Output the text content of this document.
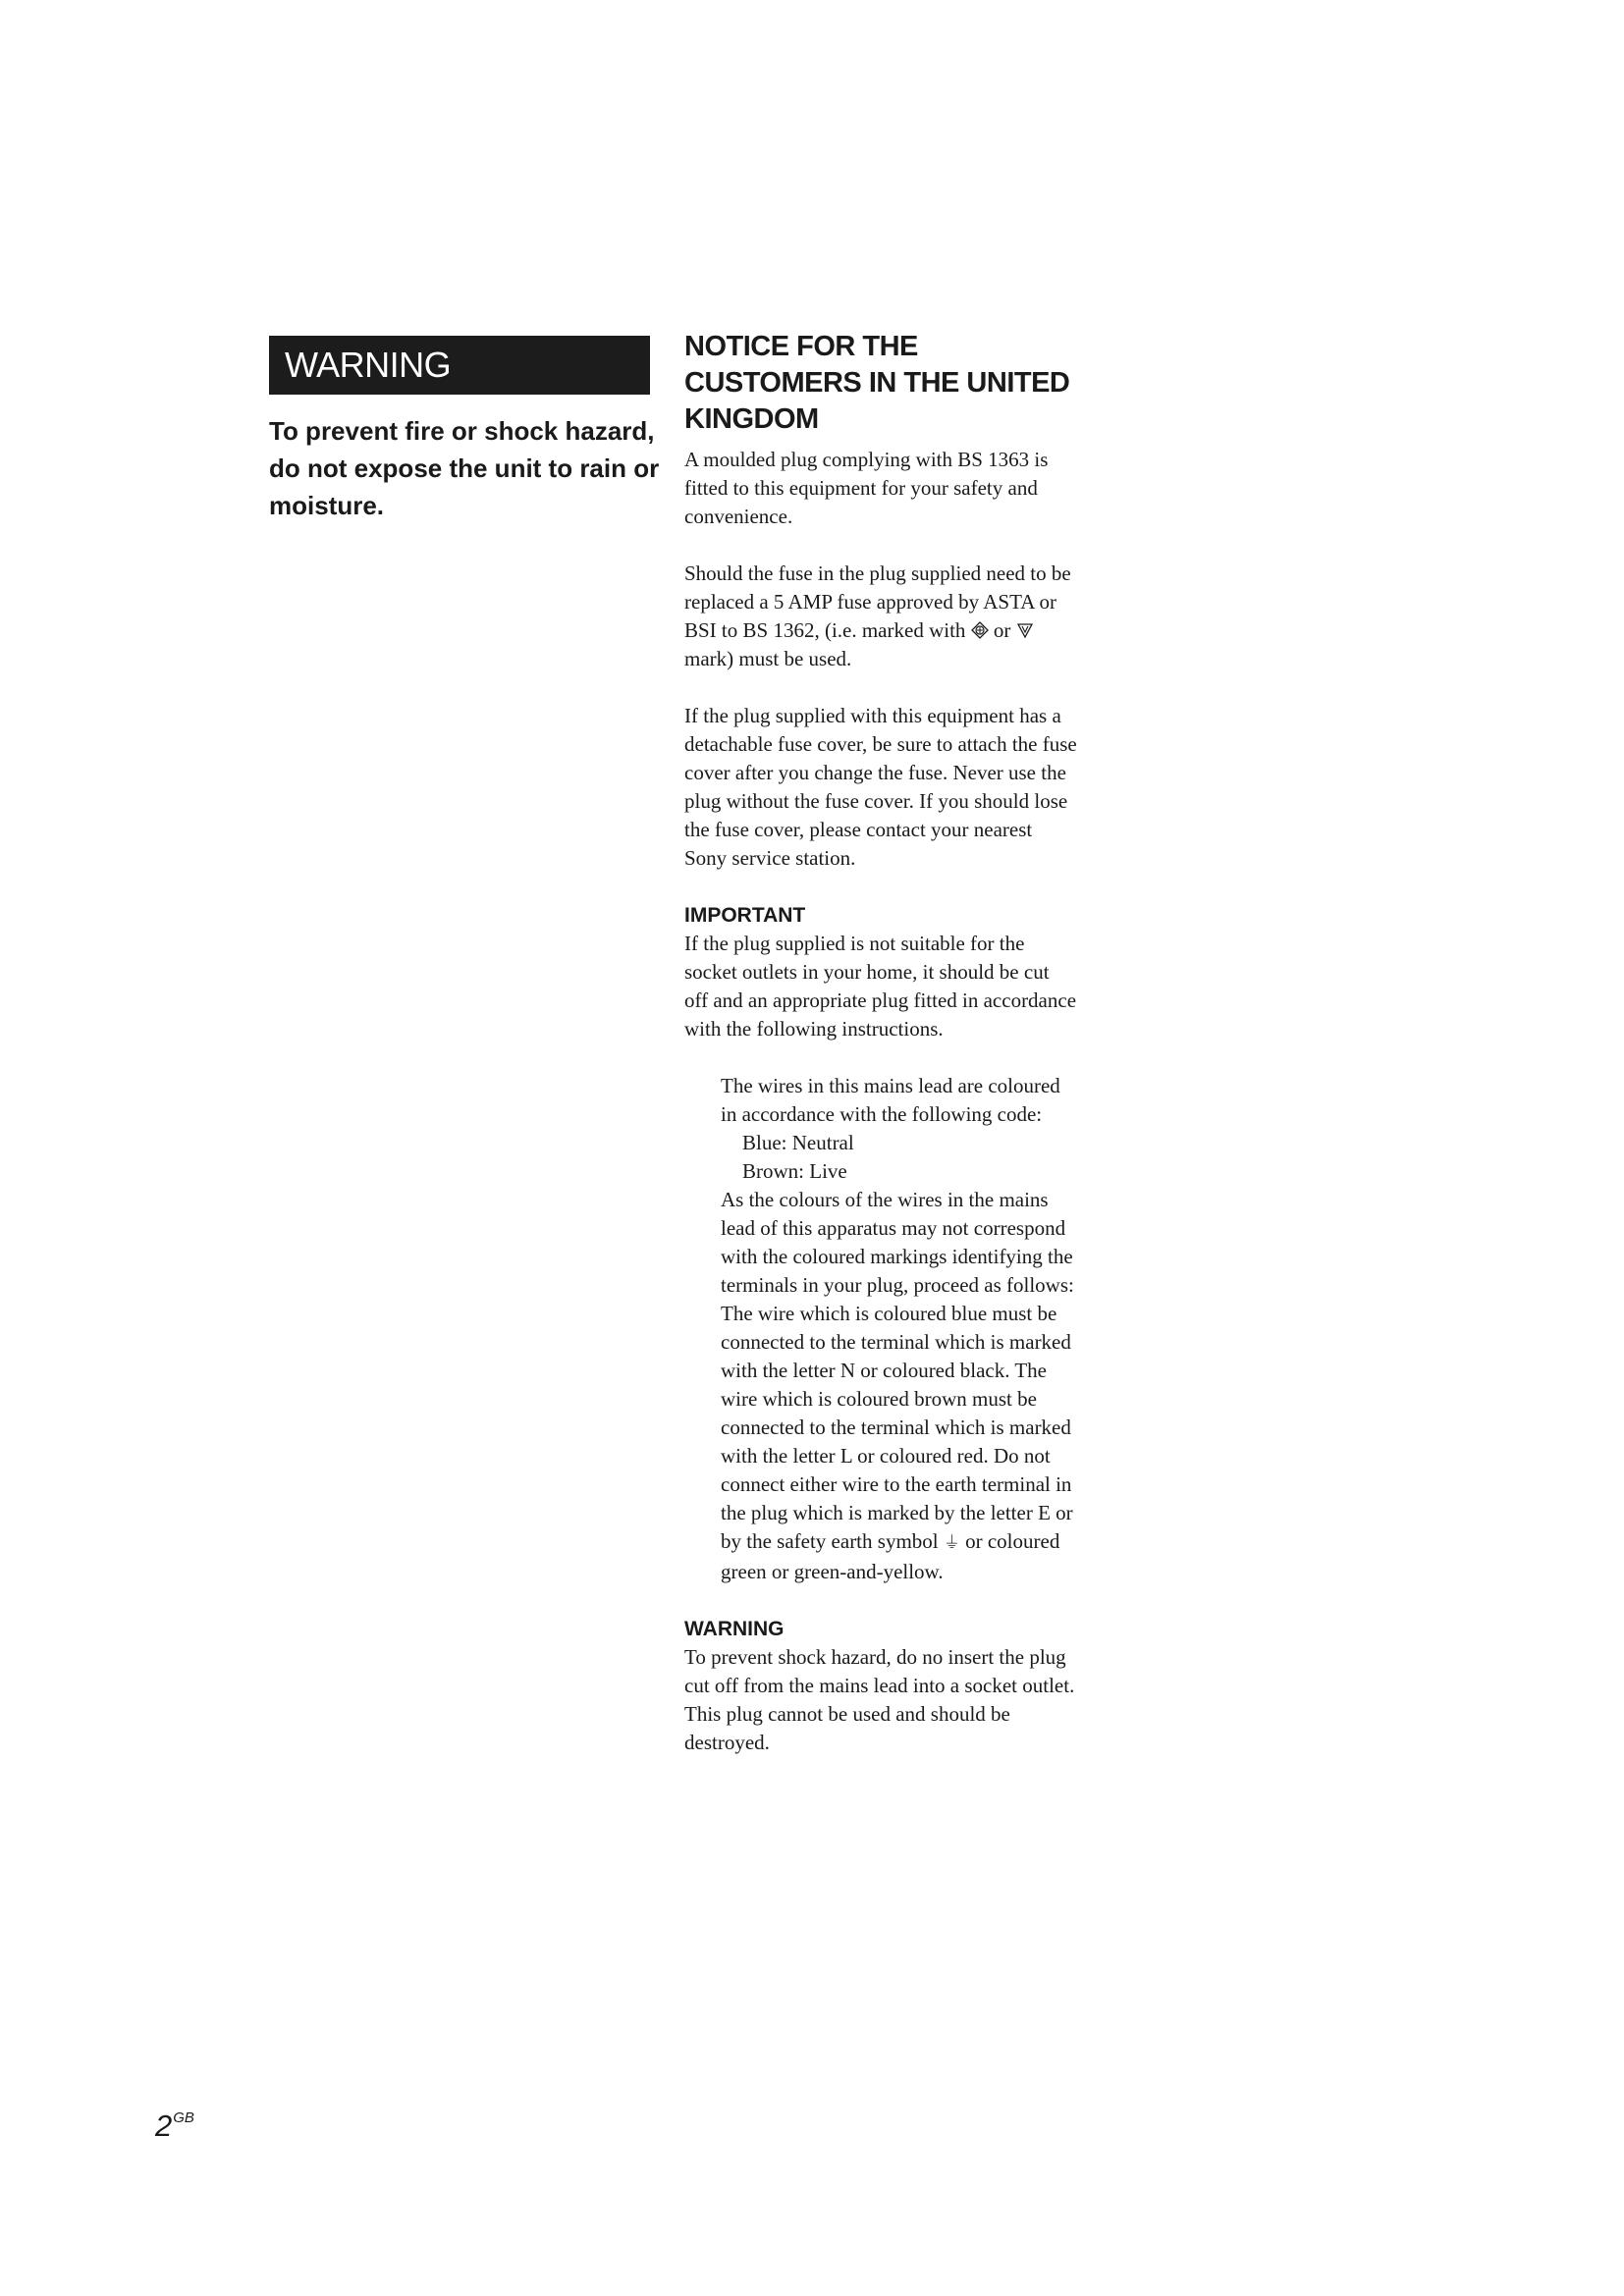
WARNING

To prevent fire or shock hazard, do not expose the unit to rain or moisture.

NOTICE FOR THE CUSTOMERS IN THE UNITED KINGDOM

A moulded plug complying with BS 1363 is fitted to this equipment for your safety and convenience.

Should the fuse in the plug supplied need to be replaced a 5 AMP fuse approved by ASTA or BSI to BS 1362, (i.e. marked with or  mark) must be used.

If the plug supplied with this equipment has a detachable fuse cover, be sure to attach the fuse cover after you change the fuse. Never use the plug without the fuse cover. If you should lose the fuse cover, please contact your nearest Sony service station.

IMPORTANT

If the plug supplied is not suitable for the socket outlets in your home, it should be cut off and an appropriate plug fitted in accordance with the following instructions.

The wires in this mains lead are coloured in accordance with the following code:

Blue: Neutral

Brown: Live

As the colours of the wires in the mains lead of this apparatus may not correspond with the coloured markings identifying the terminals in your plug, proceed as follows: The wire which is coloured blue must be connected to the terminal which is marked with the letter N or coloured black. The wire which is coloured brown must be connected to the terminal which is marked with the letter L or coloured red. Do not connect either wire to the earth terminal in the plug which is marked by the letter E or by the safety earth symbol ⏚ or coloured green or green-and-yellow.

WARNING

To prevent shock hazard, do no insert the plug cut off from the mains lead into a socket outlet. This plug cannot be used and should be destroyed.

$2^{GB}$
